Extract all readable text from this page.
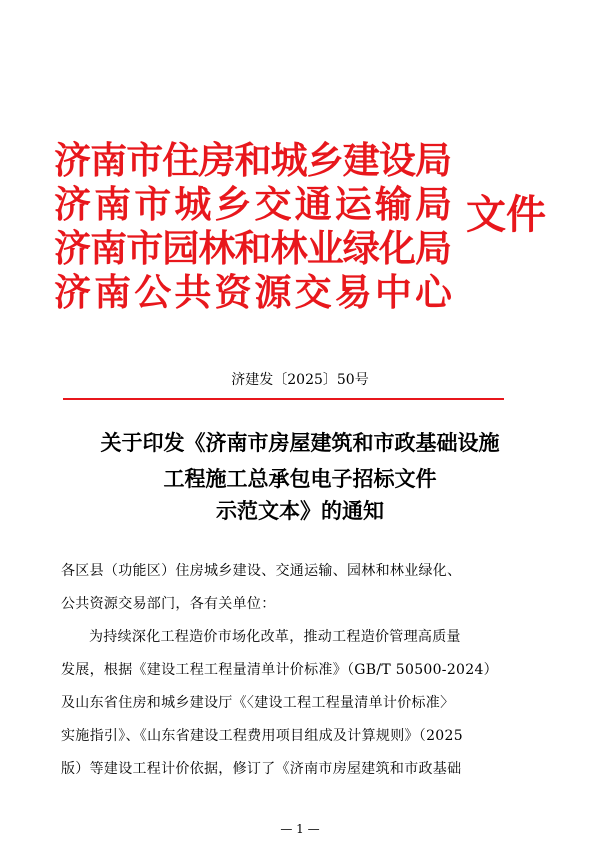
济南市住房和城乡建设局
济南市城乡交通运输局
济南市园林和林业绿化局
济南公共资源交易中心
文件
济建发〔2025〕50号
关于印发《济南市房屋建筑和市政基础设施
工程施工总承包电子招标文件
示范文本》的通知
各区县（功能区）住房城乡建设、交通运输、园林和林业绿化、
公共资源交易部门，各有关单位：
为持续深化工程造价市场化改革，推动工程造价管理高质量
发展，根据《建设工程工程量清单计价标准》（GB/T 50500-2024）
及山东省住房和城乡建设厅《〈建设工程工程量清单计价标准〉
实施指引》、《山东省建设工程费用项目组成及计算规则》（2025
版）等建设工程计价依据，修订了《济南市房屋建筑和市政基础
— 1 —
